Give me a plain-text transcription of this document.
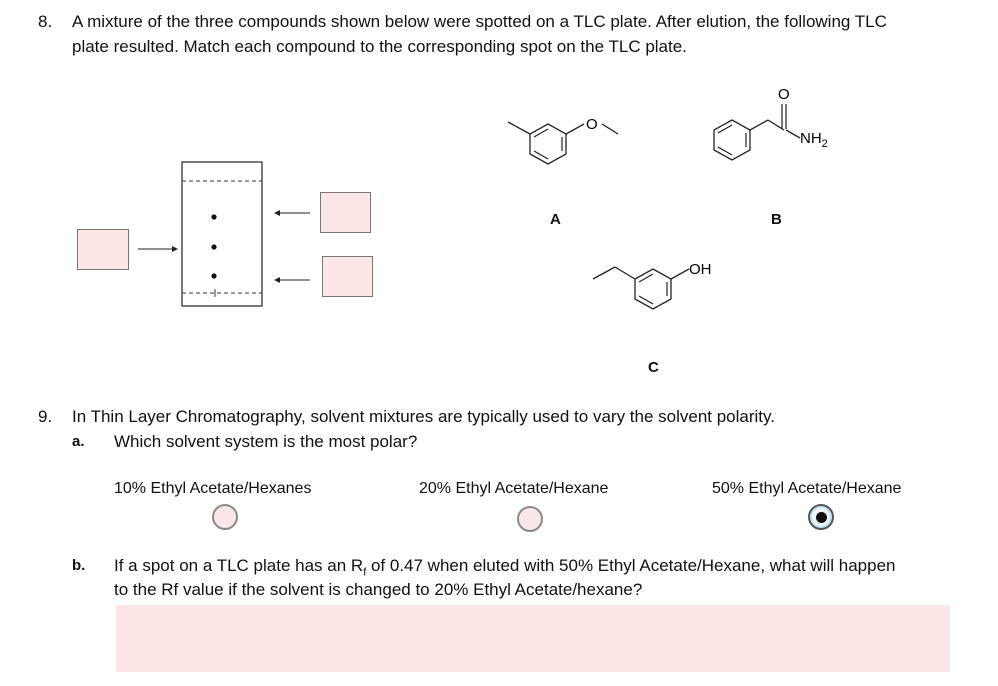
8. A mixture of the three compounds shown below were spotted on a TLC plate. After elution, the following TLC
plate resulted. Match each compound to the corresponding spot on the TLC plate.
O
A
O
$NH_2$
B
OH
C
9. In Thin Layer Chromatography, solvent mixtures are typically used to vary the solvent polarity.
a. Which solvent system is the most polar?
10% Ethyl Acetate/Hexanes	20% Ethyl Acetate/Hexane	50% Ethyl Acetate/Hexane
b. If a spot on a TLC plate has an $R_f$ of 0.47 when eluted with 50% Ethyl Acetate/Hexane, what will happen
to the Rf value if the solvent is changed to 20% Ethyl Acetate/hexane?
